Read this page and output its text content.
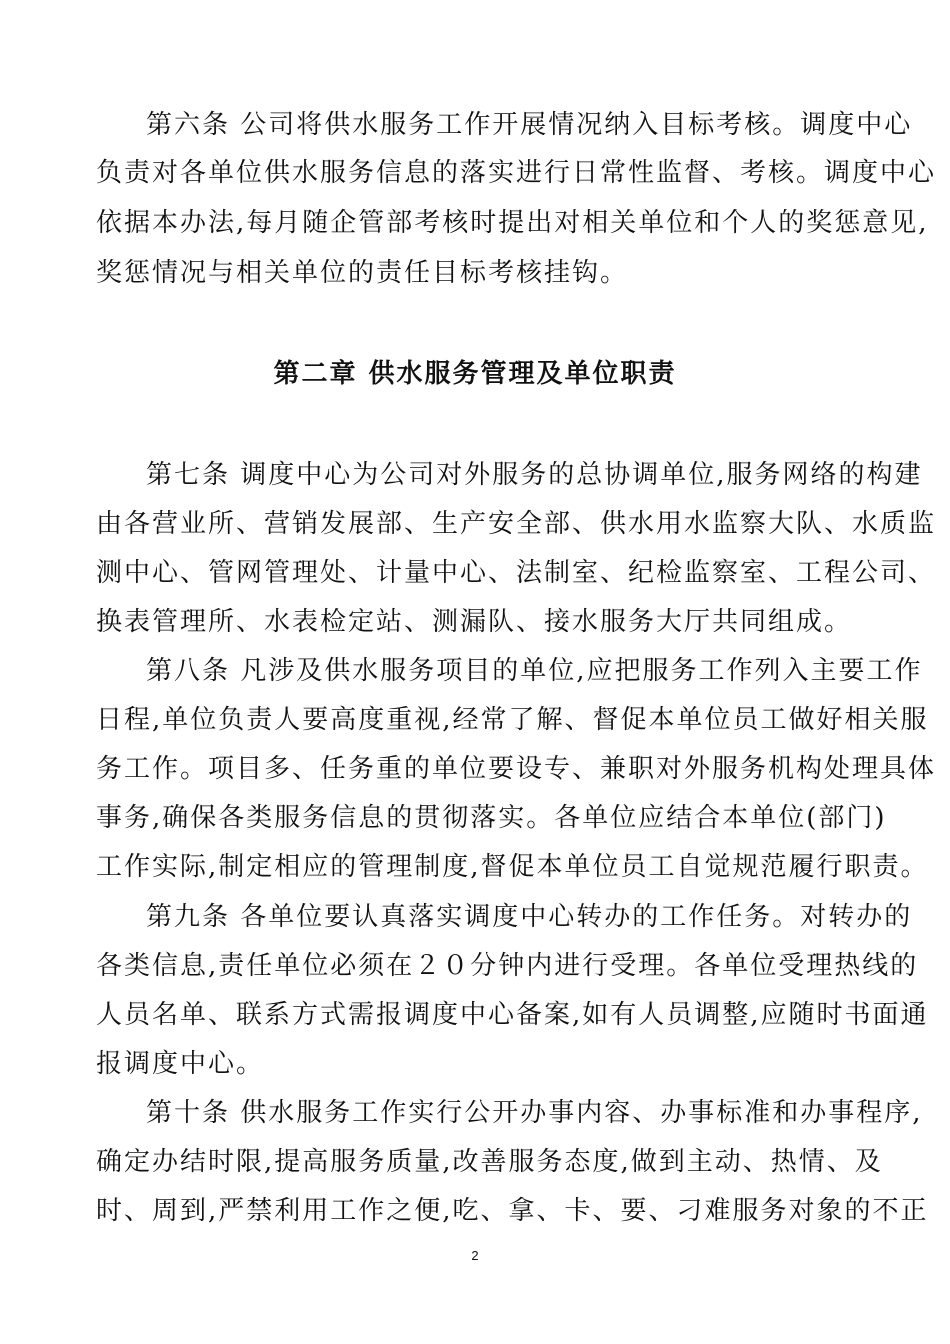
第六条 公司将供水服务工作开展情况纳入目标考核。调度中心
负责对各单位供水服务信息的落实进行日常性监督、考核。调度中心
依据本办法,每月随企管部考核时提出对相关单位和个人的奖惩意见,
奖惩情况与相关单位的责任目标考核挂钩。
第二章 供水服务管理及单位职责
第七条 调度中心为公司对外服务的总协调单位,服务网络的构建
由各营业所、营销发展部、生产安全部、供水用水监察大队、水质监
测中心、管网管理处、计量中心、法制室、纪检监察室、工程公司、
换表管理所、水表检定站、测漏队、接水服务大厅共同组成。
第八条 凡涉及供水服务项目的单位,应把服务工作列入主要工作
日程,单位负责人要高度重视,经常了解、督促本单位员工做好相关服
务工作。项目多、任务重的单位要设专、兼职对外服务机构处理具体
事务,确保各类服务信息的贯彻落实。各单位应结合本单位(部门)
工作实际,制定相应的管理制度,督促本单位员工自觉规范履行职责。
第九条 各单位要认真落实调度中心转办的工作任务。对转办的
各类信息,责任单位必须在２０分钟内进行受理。各单位受理热线的
人员名单、联系方式需报调度中心备案,如有人员调整,应随时书面通
报调度中心。
第十条 供水服务工作实行公开办事内容、办事标准和办事程序,
确定办结时限,提高服务质量,改善服务态度,做到主动、热情、及
时、周到,严禁利用工作之便,吃、拿、卡、要、刁难服务对象的不正
2
